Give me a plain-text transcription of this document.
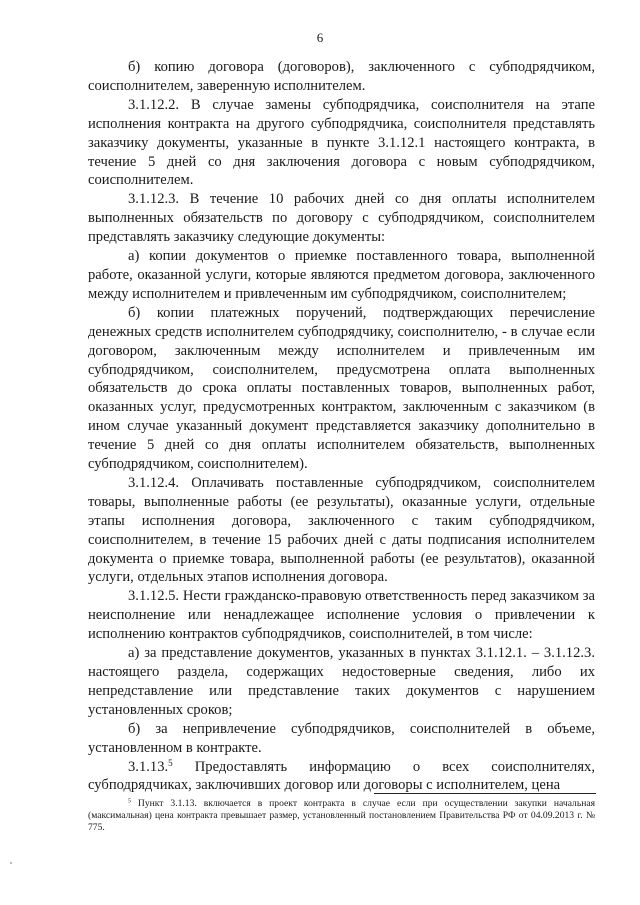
6

б) копию договора (договоров), заключенного с субподрядчиком, соисполнителем, заверенную исполнителем.

3.1.12.2. В случае замены субподрядчика, соисполнителя на этапе исполнения контракта на другого субподрядчика, соисполнителя представлять заказчику документы, указанные в пункте 3.1.12.1 настоящего контракта, в течение 5 дней со дня заключения договора с новым субподрядчиком, соисполнителем.

3.1.12.3. В течение 10 рабочих дней со дня оплаты исполнителем выполненных обязательств по договору с субподрядчиком, соисполнителем представлять заказчику следующие документы:

а) копии документов о приемке поставленного товара, выполненной работе, оказанной услуги, которые являются предметом договора, заключенного между исполнителем и привлеченным им субподрядчиком, соисполнителем;

б) копии платежных поручений, подтверждающих перечисление денежных средств исполнителем субподрядчику, соисполнителю, - в случае если договором, заключенным между исполнителем и привлеченным им субподрядчиком, соисполнителем, предусмотрена оплата выполненных обязательств до срока оплаты поставленных товаров, выполненных работ, оказанных услуг, предусмотренных контрактом, заключенным с заказчиком (в ином случае указанный документ представляется заказчику дополнительно в течение 5 дней со дня оплаты исполнителем обязательств, выполненных субподрядчиком, соисполнителем).

3.1.12.4. Оплачивать поставленные субподрядчиком, соисполнителем товары, выполненные работы (ее результаты), оказанные услуги, отдельные этапы исполнения договора, заключенного с таким субподрядчиком, соисполнителем, в течение 15 рабочих дней с даты подписания исполнителем документа о приемке товара, выполненной работы (ее результатов), оказанной услуги, отдельных этапов исполнения договора.

3.1.12.5. Нести гражданско-правовую ответственность перед заказчиком за неисполнение или ненадлежащее исполнение условия о привлечении к исполнению контрактов субподрядчиков, соисполнителей, в том числе:

а) за представление документов, указанных в пунктах 3.1.12.1. – 3.1.12.3. настоящего раздела, содержащих недостоверные сведения, либо их непредставление или представление таких документов с нарушением установленных сроков;

б) за непривлечение субподрядчиков, соисполнителей в объеме, установленном в контракте.

3.1.13.$^5$ Предоставлять информацию о всех соисполнителях, субподрядчиках, заключивших договор или договоры с исполнителем, цена

$^5$ Пункт 3.1.13. включается в проект контракта в случае если при осуществлении закупки начальная (максимальная) цена контракта превышает размер, установленный постановлением Правительства РФ от 04.09.2013 г. № 775.
